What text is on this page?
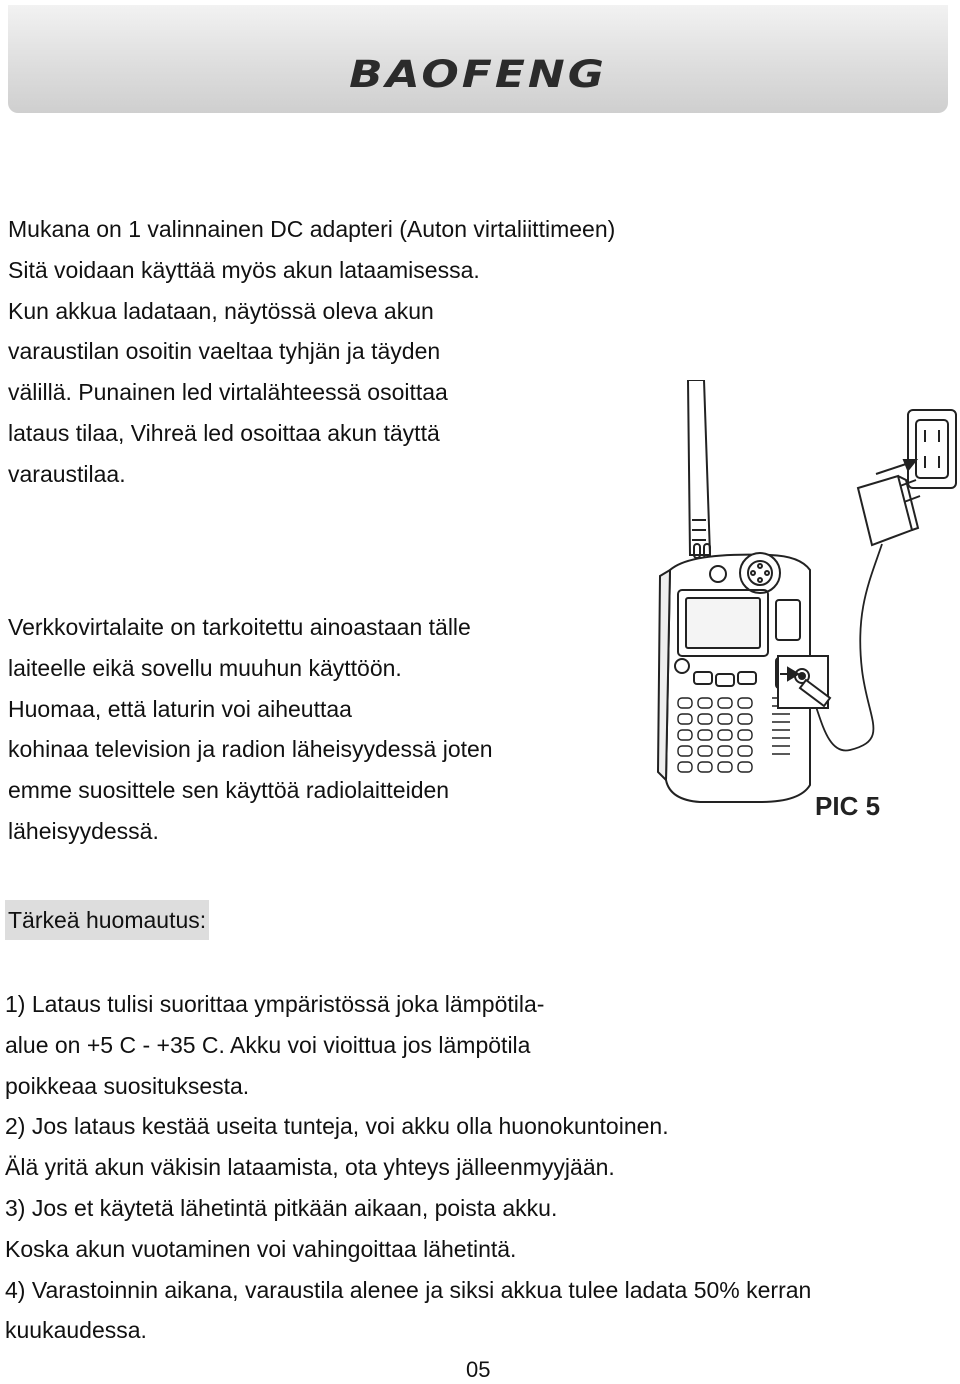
BAOFENG
Mukana on 1 valinnainen DC adapteri (Auton virtaliittimeen)
Sitä voidaan käyttää myös akun lataamisessa.
Kun akkua ladataan, näytössä oleva akun
varaustilan osoitin vaeltaa tyhjän ja täyden
välillä. Punainen led virtalähteessä osoittaa
lataus tilaa, Vihreä led osoittaa akun täyttä
varaustilaa.
Verkkovirtalaite on tarkoitettu ainoastaan tälle
laiteelle eikä sovellu muuhun käyttöön.
Huomaa, että laturin voi aiheuttaa
kohinaa television ja radion läheisyydessä joten
emme suosittele sen käyttöä radiolaitteiden
läheisyydessä.
PIC 5
Tärkeä huomautus:
1) Lataus tulisi suorittaa ympäristössä joka lämpötila-
alue on +5 C - +35 C. Akku voi vioittua jos lämpötila
poikkeaa suosituksesta.
2) Jos lataus kestää useita tunteja, voi akku olla huonokuntoinen.
Älä yritä akun väkisin lataamista, ota yhteys jälleenmyyjään.
3) Jos et käytetä lähetintä pitkään aikaan, poista akku.
Koska akun vuotaminen voi vahingoittaa lähetintä.
4) Varastoinnin aikana, varaustila alenee ja siksi akkua tulee ladata 50% kerran
kuukaudessa.
05
